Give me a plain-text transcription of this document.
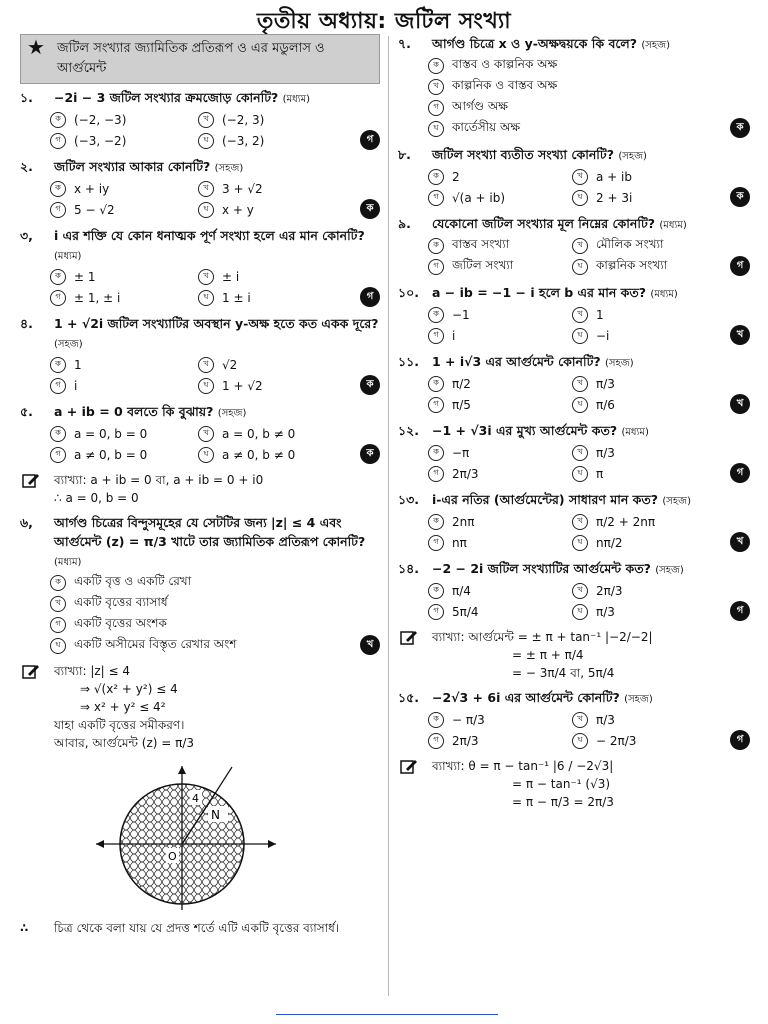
তৃতীয় অধ্যায়: জটিল সংখ্যা
★ জটিল সংখ্যার জ্যামিতিক প্রতিরূপ ও এর মডুলাস ও আর্গুমেন্ট
১.	−2i − 3 জটিল সংখ্যার ক্রমজোড় কোনটি? (মধ্যম)
ক	(−2, −3)	খ	(−2, 3)
গ	(−3, −2)	ঘ	(−3, 2)	গ
২.	জটিল সংখ্যার আকার কোনটি? (সহজ)
ক	x + iy	খ	3 + √2
গ	5 − √2	ঘ	x + y	ক
৩,	i এর শক্তি যে কোন ধনাত্মক পূর্ণ সংখ্যা হলে এর মান কোনটি? (মধ্যম)
ক	± 1	খ	± i
গ	± 1, ± i	ঘ	1 ± i	গ
৪.	1 + √2i জটিল সংখ্যাটির অবস্থান y-অক্ষ হতে কত একক দূরে? (সহজ)
ক	1	খ	√2
গ	i	ঘ	1 + √2	ক
৫.	a + ib = 0 বলতে কি বুঝায়? (সহজ)
ক	a = 0, b = 0	খ	a = 0, b ≠ 0
গ	a ≠ 0, b = 0	ঘ	a ≠ 0, b ≠ 0	ক
ব্যাখ্যা: a + ib = 0 বা, a + ib = 0 + i0
∴ a = 0, b = 0
৬,	আর্গণ্ড চিত্রের বিন্দুসমূহের যে সেটটির জন্য |z| ≤ 4 এবং আর্গুমেন্ট (z) = π/3 খাটে তার জ্যামিতিক প্রতিরূপ কোনটি? (মধ্যম)
ক	একটি বৃত্ত ও একটি রেখা
খ	একটি বৃত্তের ব্যাসার্ধ
গ	একটি বৃত্তের অংশক
ঘ	একটি অসীমের বিস্তৃত রেখার অংশ	খ
ব্যাখ্যা: |z| ≤ 4
⇒ √(x² + y²) ≤ 4
⇒ x² + y² ≤ 4²
যাহা একটি বৃত্তের সমীকরণ।
আবার, আর্গুমেন্ট (z) = π/3
N
4
O
∴	চিত্র থেকে বলা যায় যে প্রদত্ত শর্তে এটি একটি বৃত্তের ব্যাসার্ধ।
৭.	আর্গণ্ড চিত্রে x ও y-অক্ষদ্বয়কে কি বলে? (সহজ)
ক	বাস্তব ও কাল্পনিক অক্ষ
খ	কাল্পনিক ও বাস্তব অক্ষ
গ	আর্গণ্ড অক্ষ
ঘ	কার্তেসীয় অক্ষ	ক
৮.	জটিল সংখ্যা ব্যতীত সংখ্যা কোনটি? (সহজ)
ক	2	খ	a + ib
গ	√(a + ib)	ঘ	2 + 3i	ক
৯.	যেকোনো জটিল সংখ্যার মূল নিম্নের কোনটি? (মধ্যম)
ক	বাস্তব সংখ্যা	খ	মৌলিক সংখ্যা
গ	জটিল সংখ্যা	ঘ	কাল্পনিক সংখ্যা	গ
১০.	a − ib = −1 − i হলে b এর মান কত? (মধ্যম)
ক	−1	খ	1
গ	i	ঘ	−i	খ
১১.	1 + i√3 এর আর্গুমেন্ট কোনটি? (সহজ)
ক	π/2	খ	π/3
গ	π/5	ঘ	π/6	খ
১২.	−1 + √3i এর মুখ্য আর্গুমেন্ট কত? (মধ্যম)
ক	−π	খ	π/3
গ	2π/3	ঘ	π	গ
১৩.	i-এর নতির (আর্গুমেন্টের) সাধারণ মান কত? (সহজ)
ক	2nπ	খ	π/2 + 2nπ
গ	nπ	ঘ	nπ/2	খ
১৪.	−2 − 2i জটিল সংখ্যাটির আর্গুমেন্ট কত? (সহজ)
ক	π/4	খ	2π/3
গ	5π/4	ঘ	π/3	গ
ব্যাখ্যা: আর্গুমেন্ট = ± π + tan⁻¹ |−2/−2|
= ± π + π/4
= − 3π/4 বা, 5π/4
১৫.	−2√3 + 6i এর আর্গুমেন্ট কোনটি? (সহজ)
ক	− π/3	খ	π/3
গ	2π/3	ঘ	− 2π/3	গ
ব্যাখ্যা: θ = π − tan⁻¹ |6 / −2√3|
= π − tan⁻¹ (√3)
= π − π/3 = 2π/3
